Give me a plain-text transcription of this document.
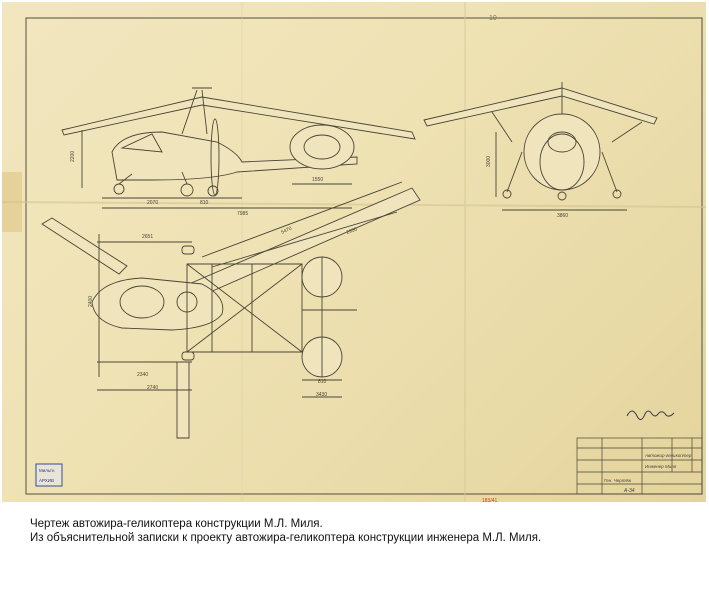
10
2200
2070	810
7985
1550
3000
3860
2651
2400
5470	2950
2340
2740
810
3430
Мильтн
АРХИВ
Автожир-геликоптер
Инженер Миля
Ген. Чертёж
А-34
183/41
Чертеж автожира-геликоптера конструкции М.Л. Миля.
Из объяснительной записки к проекту автожира-геликоптера конструкции инженера М.Л. Миля.
